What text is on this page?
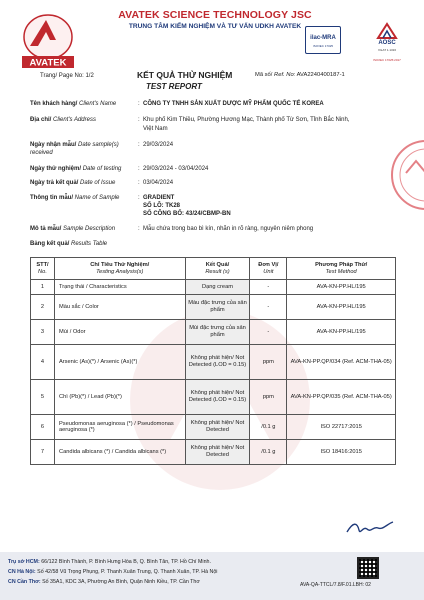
AVATEK
AVATEK SCIENCE TECHNOLOGY JSC
TRUNG TÂM KIỂM NGHIỆM VÀ TƯ VẤN UDKH AVATEK
ilac-MRA
ISO/IEC 17025	AOSC
VILAT 1.1316
ISO/IEC 17025:2017
Trang/ Page No: 1/2	KẾT QUẢ THỬ NGHIỆM
TEST REPORT
Mã số/ Ref. No: AVA2240400187-1
Tên khách hàng/ Client's Name	: CÔNG TY TNHH SẢN XUẤT DƯỢC MỸ PHẨM QUỐC TẾ KOREA
Địa chỉ/ Client's Address	: Khu phố Kim Thiều, Phường Hương Mạc, Thành phố Từ Sơn, Tỉnh Bắc Ninh,
Việt Nam
Ngày nhận mẫu/ Date sample(s)
received
: 29/03/2024
Ngày thử nghiệm/ Date of testing	: 29/03/2024 - 03/04/2024
Ngày trả kết quả/ Date of Issue	: 03/04/2024
Thông tin mẫu/ Name of Sample	: GRADIENT
SỐ LÔ: TK28
SỐ CÔNG BỐ: 43/24/CBMP-BN
Mô tả mẫu/ Sample Description	: Mẫu chứa trong bao bì kín, nhãn in rõ ràng, nguyên niêm phong
Bảng kết quả/ Results Table
STT/
No.	Chỉ Tiêu Thử Nghiệm/
Testing Analysis(s)	Kết Quả/
Result (s)	Đơn Vị/
Unit	Phương Pháp Thử/
Test Method
1	Trạng thái / Characteristics	Dạng cream	-	AVA-KN-PP.HL/195
2	Màu sắc / Color	Màu đặc trưng của sản phẩm	-	AVA-KN-PP.HL/195
3	Mùi / Odor	Mùi đặc trưng của sản phẩm	-	AVA-KN-PP.HL/195
4	Arsenic (As)(*) / Arsenic (As)(*)	Không phát hiện/ Not Detected (LOD = 0.15)	ppm	AVA-KN-PP.QP/034 (Ref. ACM-THA-05)
5	Chì (Pb)(*) / Lead (Pb)(*)	Không phát hiện/ Not Detected (LOD = 0.15)	ppm	AVA-KN-PP.QP/035 (Ref. ACM-THA-05)
6	Pseudomonas aeruginosa (*) / Pseudomonas aeruginosa (*)	Không phát hiện/ Not Detected	/0.1 g	ISO 22717:2015
7	Candida albicans (*) / Candida albicans (*)	Không phát hiện/ Not Detected	/0.1 g	ISO 18416:2015
Trụ sở HCM: 66/122 Bình Thành, P. Bình Hưng Hòa B, Q. Bình Tân, TP. Hồ Chí Minh.
CN Hà Nội: Số 42/58 Vũ Trọng Phụng, P. Thanh Xuân Trung, Q. Thanh Xuân, TP. Hà Nội
CN Cần Thơ: Số 35A1, KDC 3A, Phường An Bình, Quận Ninh Kiều, TP. Cần Thơ	AVA-QA-TTCL/7.8/F.01.LBH: 02
